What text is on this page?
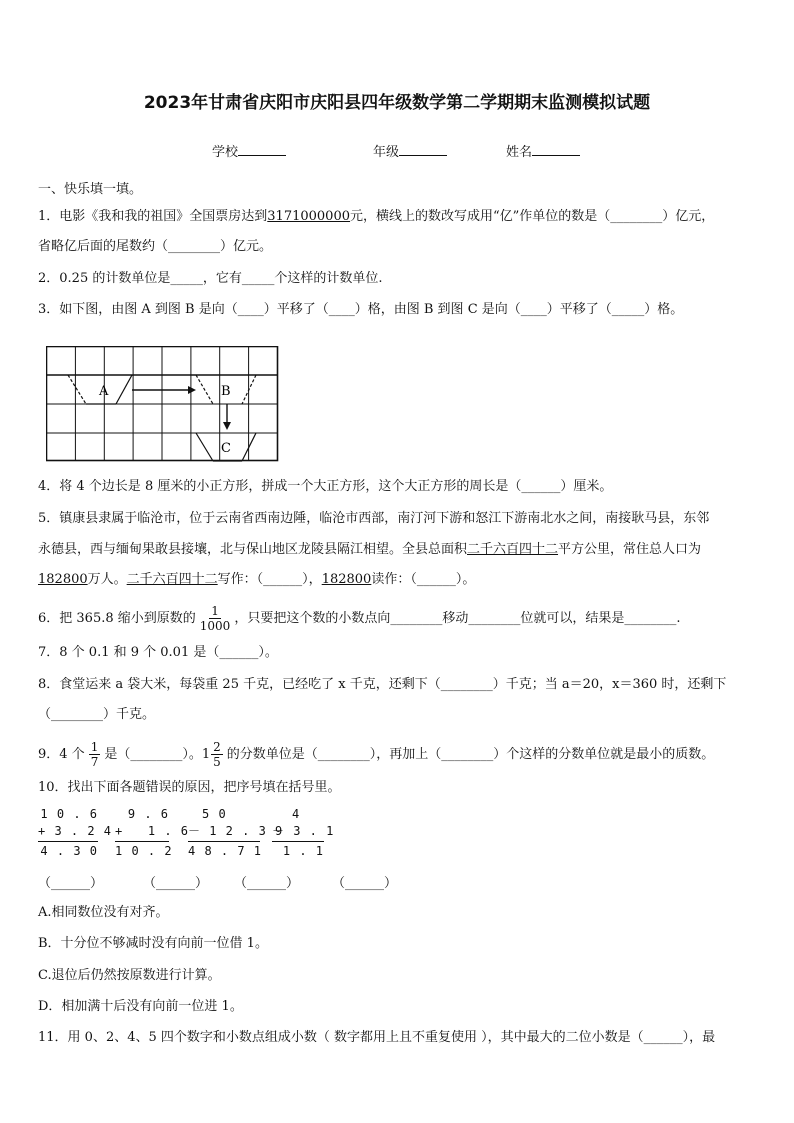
2023年甘肃省庆阳市庆阳县四年级数学第二学期期末监测模拟试题
学校	年级	姓名
一、快乐填一填。
1．电影《我和我的祖国》全国票房达到3171000000元，横线上的数改写成用“亿”作单位的数是（________）亿元，
省略亿后面的尾数约（________）亿元。
2．0.25 的计数单位是_____，它有_____个这样的计数单位.
3．如下图，由图 A 到图 B 是向（____）平移了（____）格，由图 B 到图 C 是向（____）平移了（_____）格。
A	B
C
4．将 4 个边长是 8 厘米的小正方形，拼成一个大正方形，这个大正方形的周长是（______）厘米。
5．镇康县隶属于临沧市，位于云南省西南边陲，临沧市西部，南汀河下游和怒江下游南北水之间，南接耿马县，东邻
永德县，西与缅甸果敢县接壤，北与保山地区龙陵县隔江相望。全县总面积二千六百四十二平方公里，常住总人口为
182800万人。二千六百四十二写作：（______），182800读作：（______）。
6．把 365.8 缩小到原数的 $\frac{1}{1000}$ ，只要把这个数的小数点向________移动________位就可以，结果是________.
7．8 个 0.1 和 9 个 0.01 是（______）。
8．食堂运来 a 袋大米，每袋重 25 千克，已经吃了 x 千克，还剩下（________）千克；当 a＝20，x＝360 时，还剩下
（________）千克。
9．4 个 $\frac{1}{7}$ 是（________）。$1 \frac{2}{5}$ 的分数单位是（________），再加上（________）个这样的分数单位就是最小的质数。
10．找出下面各题错误的原因，把序号填在括号里。
1 0 . 6
+ 3 . 2 4
4 . 3 0
9 . 6
+   1 . 6
1 0 . 2
5 0
－ 1 2 . 3 9
4 8 . 7 1
4
－ 3 . 1
1 . 1
（______）	（______） （______）	（______）
A.相同数位没有对齐。
B．十分位不够减时没有向前一位借 1。
C.退位后仍然按原数进行计算。
D．相加满十后没有向前一位进 1。
11．用 0、2、4、5 四个数字和小数点组成小数（ 数字都用上且不重复使用 ），其中最大的二位小数是（______），最
